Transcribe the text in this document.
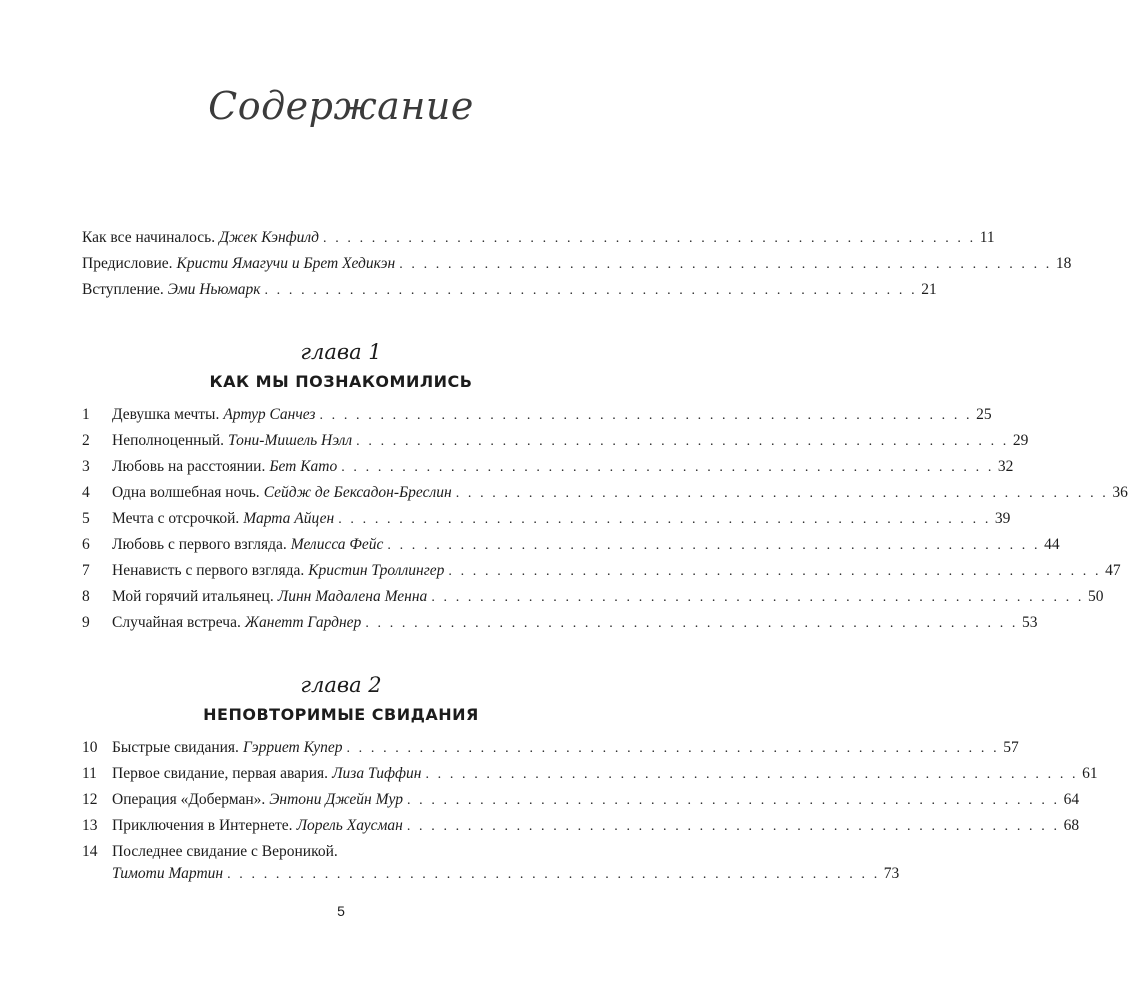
Содержание
Как все начиналось. Джек Кэнфилд . . . . . . . . . . . . . . . . . . . . . . . . . . . . . . . . . . . . . . . . . . . . . . . . . . . . . . 11
Предисловие. Кристи Ямагучи и Брет Хедикэн . . . . . . . . . . . . . . . . . . . . . . . . . . . . . . . . . . . . . . . . . . . . . . . . . . . . . . 18
Вступление. Эми Ньюмарк . . . . . . . . . . . . . . . . . . . . . . . . . . . . . . . . . . . . . . . . . . . . . . . . . . . . . . 21
глава 1
КАК МЫ ПОЗНАКОМИЛИСЬ
1	Девушка мечты. Артур Санчез . . . . . . . . . . . . . . . . . . . . . . . . . . . . . . . . . . . . . . . . . . . . . . . . . . . . . . 25
2	Неполноценный. Тони-Мишель Нэлл . . . . . . . . . . . . . . . . . . . . . . . . . . . . . . . . . . . . . . . . . . . . . . . . . . . . . . 29
3	Любовь на расстоянии. Бет Като . . . . . . . . . . . . . . . . . . . . . . . . . . . . . . . . . . . . . . . . . . . . . . . . . . . . . . 32
4	Одна волшебная ночь. Сейдж де Бексадон-Бреслин . . . . . . . . . . . . . . . . . . . . . . . . . . . . . . . . . . . . . . . . . . . . . . . . . . . . . . 36
5	Мечта с отсрочкой. Марта Айцен . . . . . . . . . . . . . . . . . . . . . . . . . . . . . . . . . . . . . . . . . . . . . . . . . . . . . . 39
6	Любовь с первого взгляда. Мелисса Фейс . . . . . . . . . . . . . . . . . . . . . . . . . . . . . . . . . . . . . . . . . . . . . . . . . . . . . . 44
7	Ненависть с первого взгляда. Кристин Троллингер . . . . . . . . . . . . . . . . . . . . . . . . . . . . . . . . . . . . . . . . . . . . . . . . . . . . . . 47
8	Мой горячий итальянец. Линн Мадалена Менна . . . . . . . . . . . . . . . . . . . . . . . . . . . . . . . . . . . . . . . . . . . . . . . . . . . . . . 50
9	Случайная встреча. Жанетт Гарднер . . . . . . . . . . . . . . . . . . . . . . . . . . . . . . . . . . . . . . . . . . . . . . . . . . . . . . 53
глава 2
НЕПОВТОРИМЫЕ СВИДАНИЯ
10 Быстрые свидания. Гэрриет Купер . . . . . . . . . . . . . . . . . . . . . . . . . . . . . . . . . . . . . . . . . . . . . . . . . . . . . . 57
11 Первое свидание, первая авария. Лиза Тиффин . . . . . . . . . . . . . . . . . . . . . . . . . . . . . . . . . . . . . . . . . . . . . . . . . . . . . . 61
12 Операция «Доберман». Энтони Джейн Мур . . . . . . . . . . . . . . . . . . . . . . . . . . . . . . . . . . . . . . . . . . . . . . . . . . . . . . 64
13 Приключения в Интернете. Лорель Хаусман . . . . . . . . . . . . . . . . . . . . . . . . . . . . . . . . . . . . . . . . . . . . . . . . . . . . . . 68
14 Последнее свидание с Вероникой.
Тимоти Мартин . . . . . . . . . . . . . . . . . . . . . . . . . . . . . . . . . . . . . . . . . . . . . . . . . . . . . . 73
5
